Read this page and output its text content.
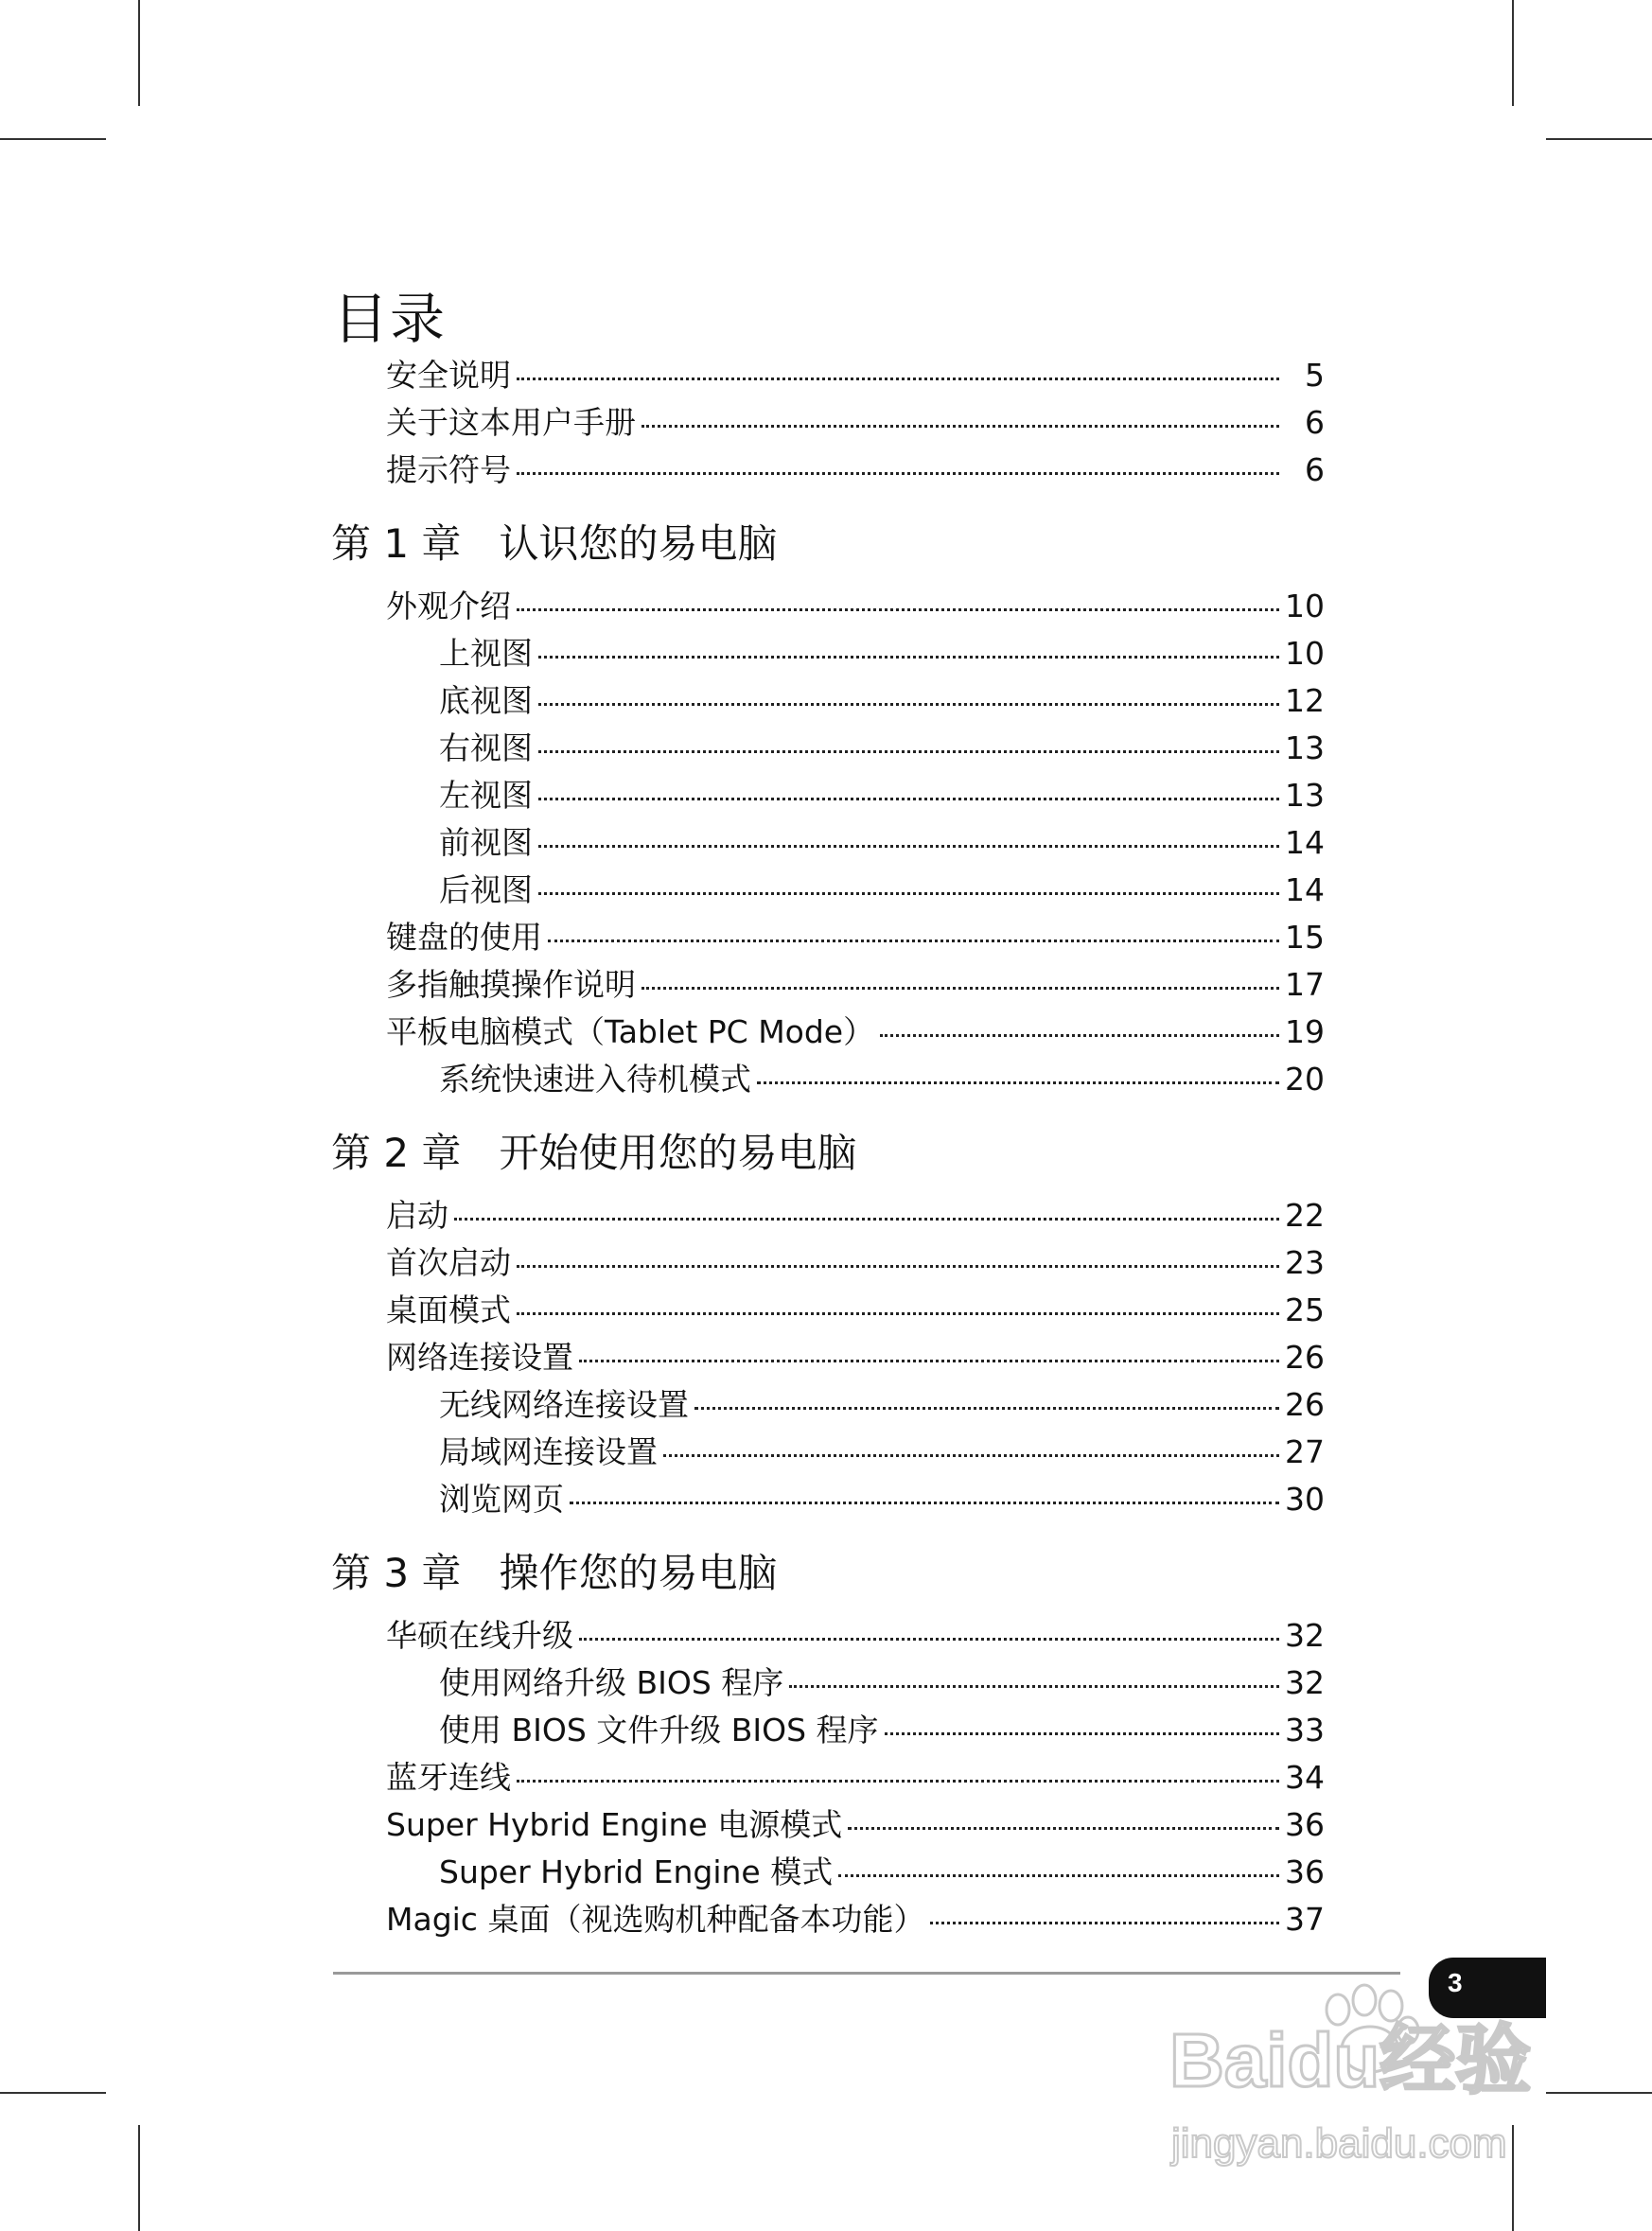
目录
安全说明	5
关于这本用户手册	6
提示符号	6
第 1 章   认识您的易电脑
外观介绍	10
上视图	10
底视图	12
右视图	13
左视图	13
前视图	14
后视图	14
键盘的使用	15
多指触摸操作说明	17
平板电脑模式（Tablet PC Mode）	19
系统快速进入待机模式	20
第 2 章   开始使用您的易电脑
启动	22
首次启动	23
桌面模式	25
网络连接设置	26
无线网络连接设置	26
局域网连接设置	27
浏览网页	30
第 3 章   操作您的易电脑
华硕在线升级	32
使用网络升级 BIOS 程序	32
使用 BIOS 文件升级 BIOS 程序	33
蓝牙连线	34
Super Hybrid Engine 电源模式	36
Super Hybrid Engine 模式	36
Magic 桌面（视选购机种配备本功能）	37
3
Baidu经验
jingyan.baidu.com
